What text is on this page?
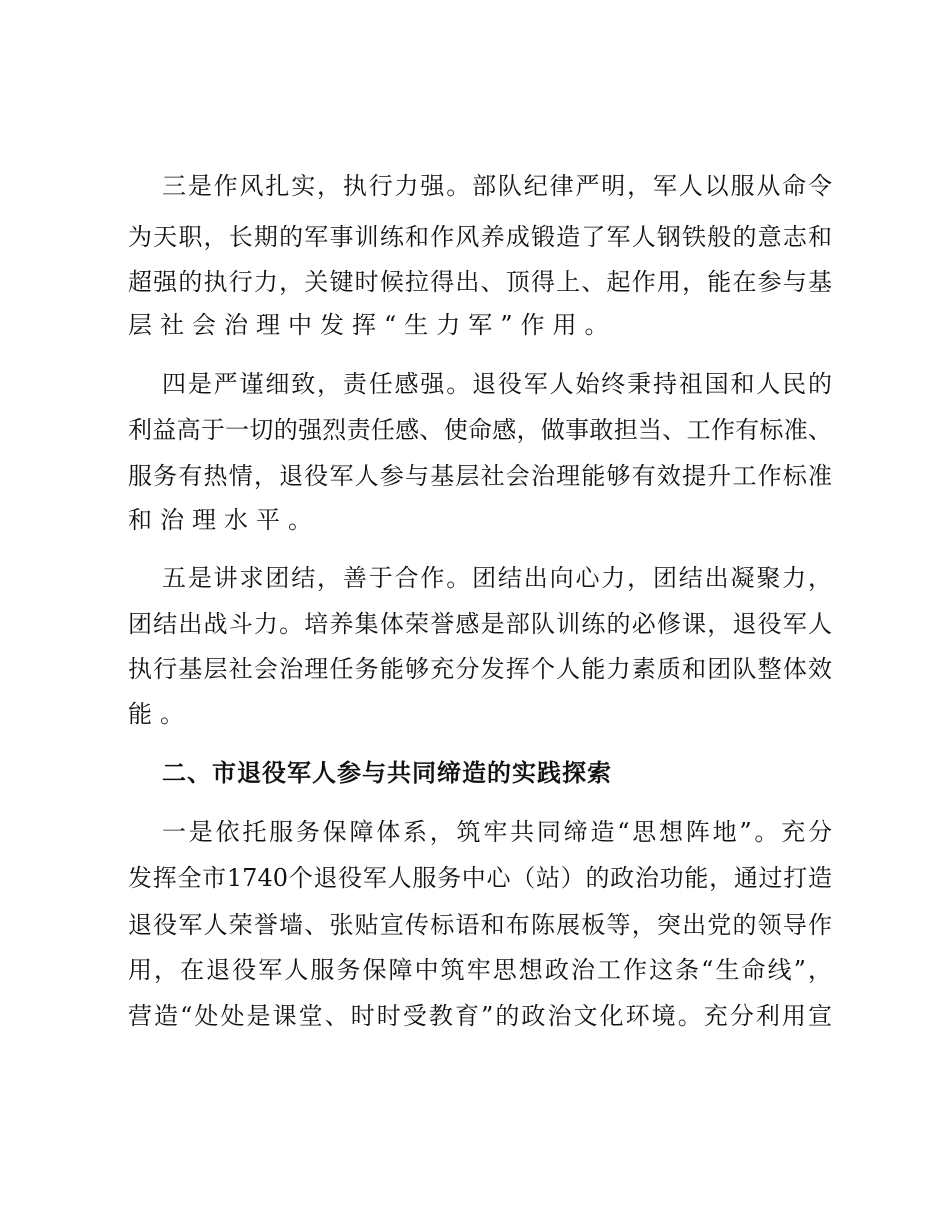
三是作风扎实，执行力强。部队纪律严明，军人以服从命令
为天职，长期的军事训练和作风养成锻造了军人钢铁般的意志和
超强的执行力，关键时候拉得出、顶得上、起作用，能在参与基
层社会治理中发挥“生力军”作用。
四是严谨细致，责任感强。退役军人始终秉持祖国和人民的
利益高于一切的强烈责任感、使命感，做事敢担当、工作有标准、
服务有热情，退役军人参与基层社会治理能够有效提升工作标准
和治理水平。
五是讲求团结，善于合作。团结出向心力，团结出凝聚力，
团结出战斗力。培养集体荣誉感是部队训练的必修课，退役军人
执行基层社会治理任务能够充分发挥个人能力素质和团队整体效
能。
二、市退役军人参与共同缔造的实践探索
一是依托服务保障体系，筑牢共同缔造“思想阵地”。充分
发挥全市1740个退役军人服务中心（站）的政治功能，通过打造
退役军人荣誉墙、张贴宣传标语和布陈展板等，突出党的领导作
用，在退役军人服务保障中筑牢思想政治工作这条“生命线”，
营造“处处是课堂、时时受教育”的政治文化环境。充分利用宣
